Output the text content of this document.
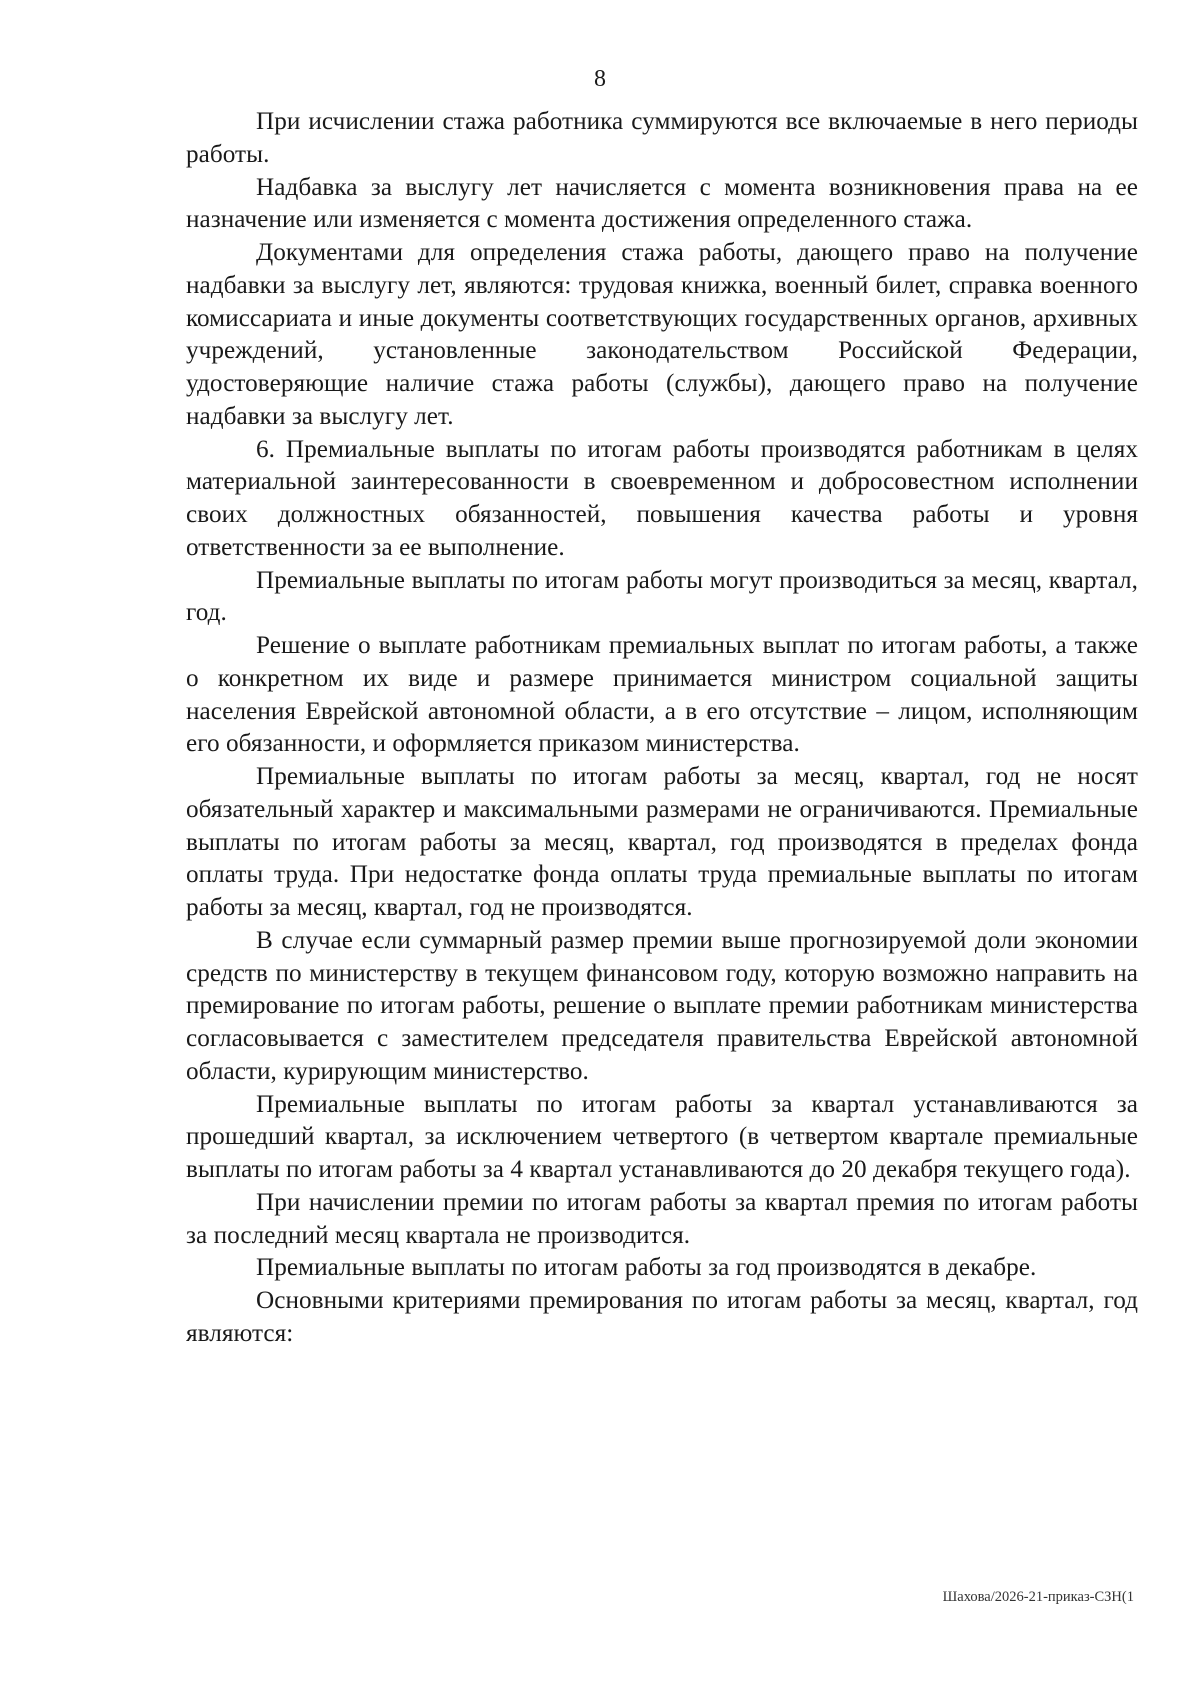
8

При исчислении стажа работника суммируются все включаемые в него периоды работы.

Надбавка за выслугу лет начисляется с момента возникновения права на ее назначение или изменяется с момента достижения определенного стажа.

Документами для определения стажа работы, дающего право на получение надбавки за выслугу лет, являются: трудовая книжка, военный билет, справка военного комиссариата и иные документы соответствующих государственных органов, архивных учреждений, установленные законодательством Российской Федерации, удостоверяющие наличие стажа работы (службы), дающего право на получение надбавки за выслугу лет.

6. Премиальные выплаты по итогам работы производятся работникам в целях материальной заинтересованности в своевременном и добросовестном исполнении своих должностных обязанностей, повышения качества работы и уровня ответственности за ее выполнение.

Премиальные выплаты по итогам работы могут производиться за месяц, квартал, год.

Решение о выплате работникам премиальных выплат по итогам работы, а также о конкретном их виде и размере принимается министром социальной защиты населения Еврейской автономной области, а в его отсутствие – лицом, исполняющим его обязанности, и оформляется приказом министерства.

Премиальные выплаты по итогам работы за месяц, квартал, год не носят обязательный характер и максимальными размерами не ограничиваются. Премиальные выплаты по итогам работы за месяц, квартал, год производятся в пределах фонда оплаты труда. При недостатке фонда оплаты труда премиальные выплаты по итогам работы за месяц, квартал, год не производятся.

В случае если суммарный размер премии выше прогнозируемой доли экономии средств по министерству в текущем финансовом году, которую возможно направить на премирование по итогам работы, решение о выплате премии работникам министерства согласовывается с заместителем председателя правительства Еврейской автономной области, курирующим министерство.

Премиальные выплаты по итогам работы за квартал устанавливаются за прошедший квартал, за исключением четвертого (в четвертом квартале премиальные выплаты по итогам работы за 4 квартал устанавливаются до 20 декабря текущего года).

При начислении премии по итогам работы за квартал премия по итогам работы за последний месяц квартала не производится.

Премиальные выплаты по итогам работы за год производятся в декабре.

Основными критериями премирования по итогам работы за месяц, квартал, год являются:

Шахова/2026-21-приказ-СЗН(1
